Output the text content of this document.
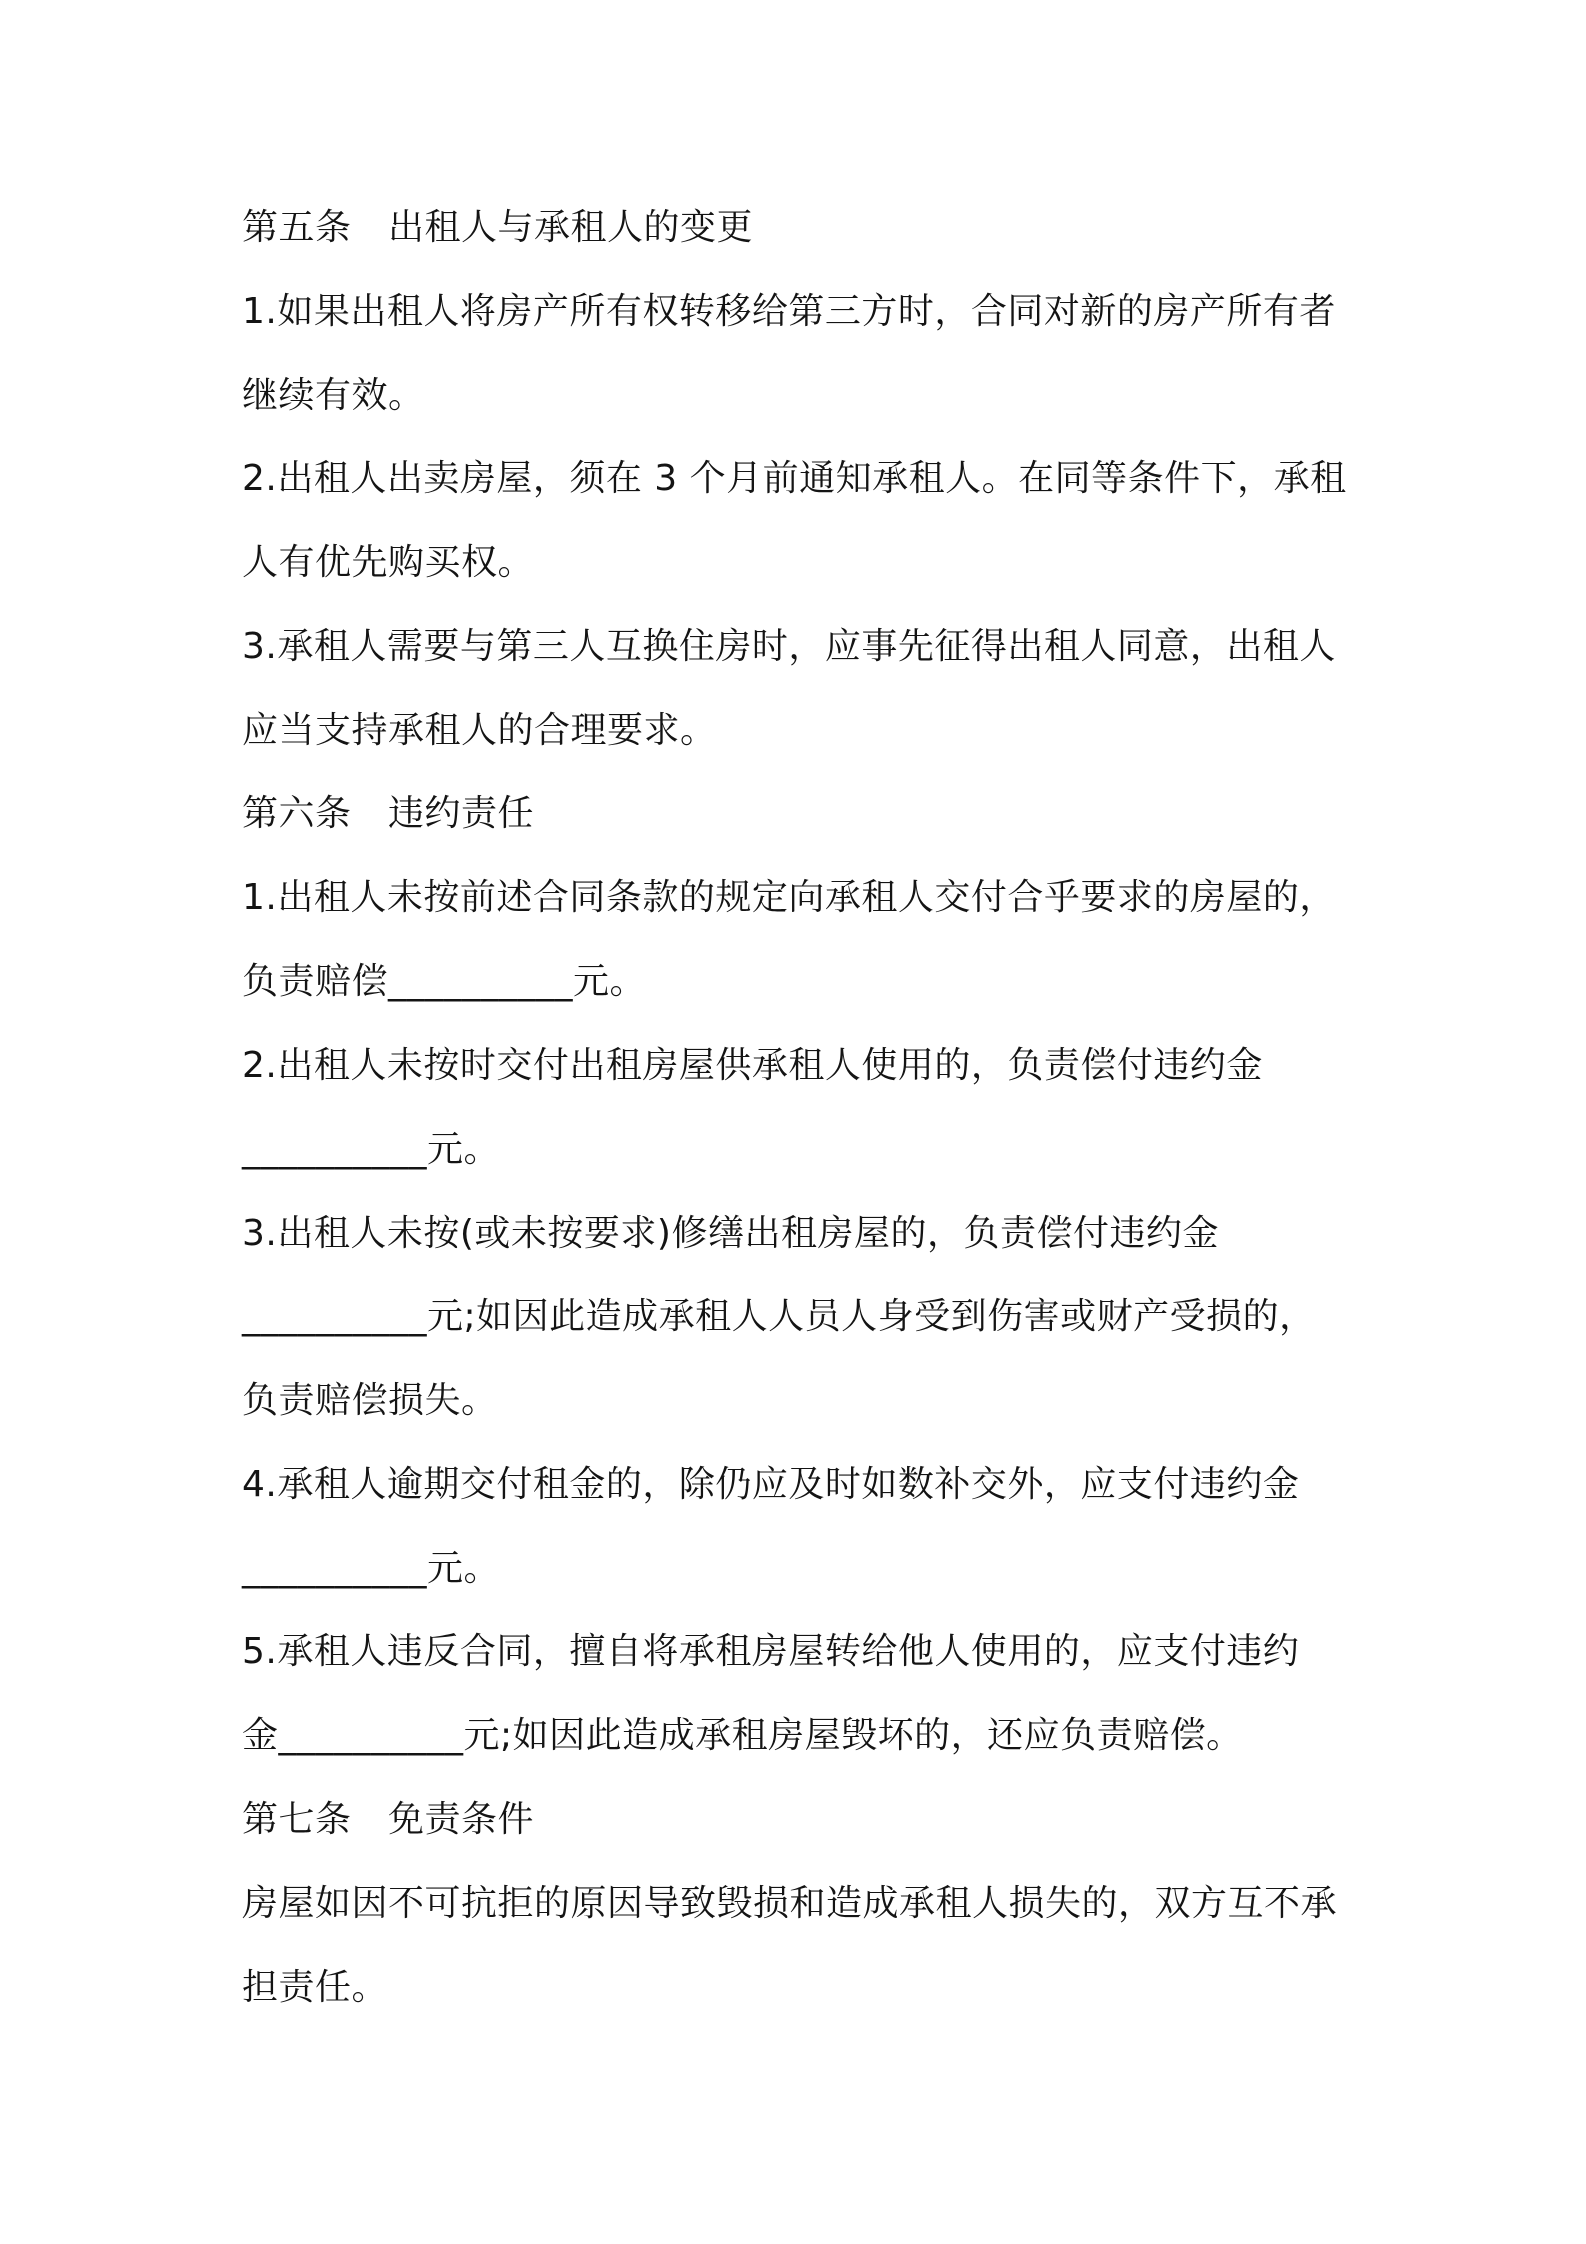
第五条　出租人与承租人的变更
1.如果出租人将房产所有权转移给第三方时，合同对新的房产所有者
继续有效。
2.出租人出卖房屋，须在 3 个月前通知承租人。在同等条件下，承租
人有优先购买权。
3.承租人需要与第三人互换住房时，应事先征得出租人同意，出租人
应当支持承租人的合理要求。
第六条　违约责任
1.出租人未按前述合同条款的规定向承租人交付合乎要求的房屋的，
负责赔偿__________元。
2.出租人未按时交付出租房屋供承租人使用的，负责偿付违约金
__________元。
3.出租人未按(或未按要求)修缮出租房屋的，负责偿付违约金
__________元;如因此造成承租人人员人身受到伤害或财产受损的，
负责赔偿损失。
4.承租人逾期交付租金的，除仍应及时如数补交外，应支付违约金
__________元。
5.承租人违反合同，擅自将承租房屋转给他人使用的，应支付违约
金__________元;如因此造成承租房屋毁坏的，还应负责赔偿。
第七条　免责条件
房屋如因不可抗拒的原因导致毁损和造成承租人损失的，双方互不承
担责任。
